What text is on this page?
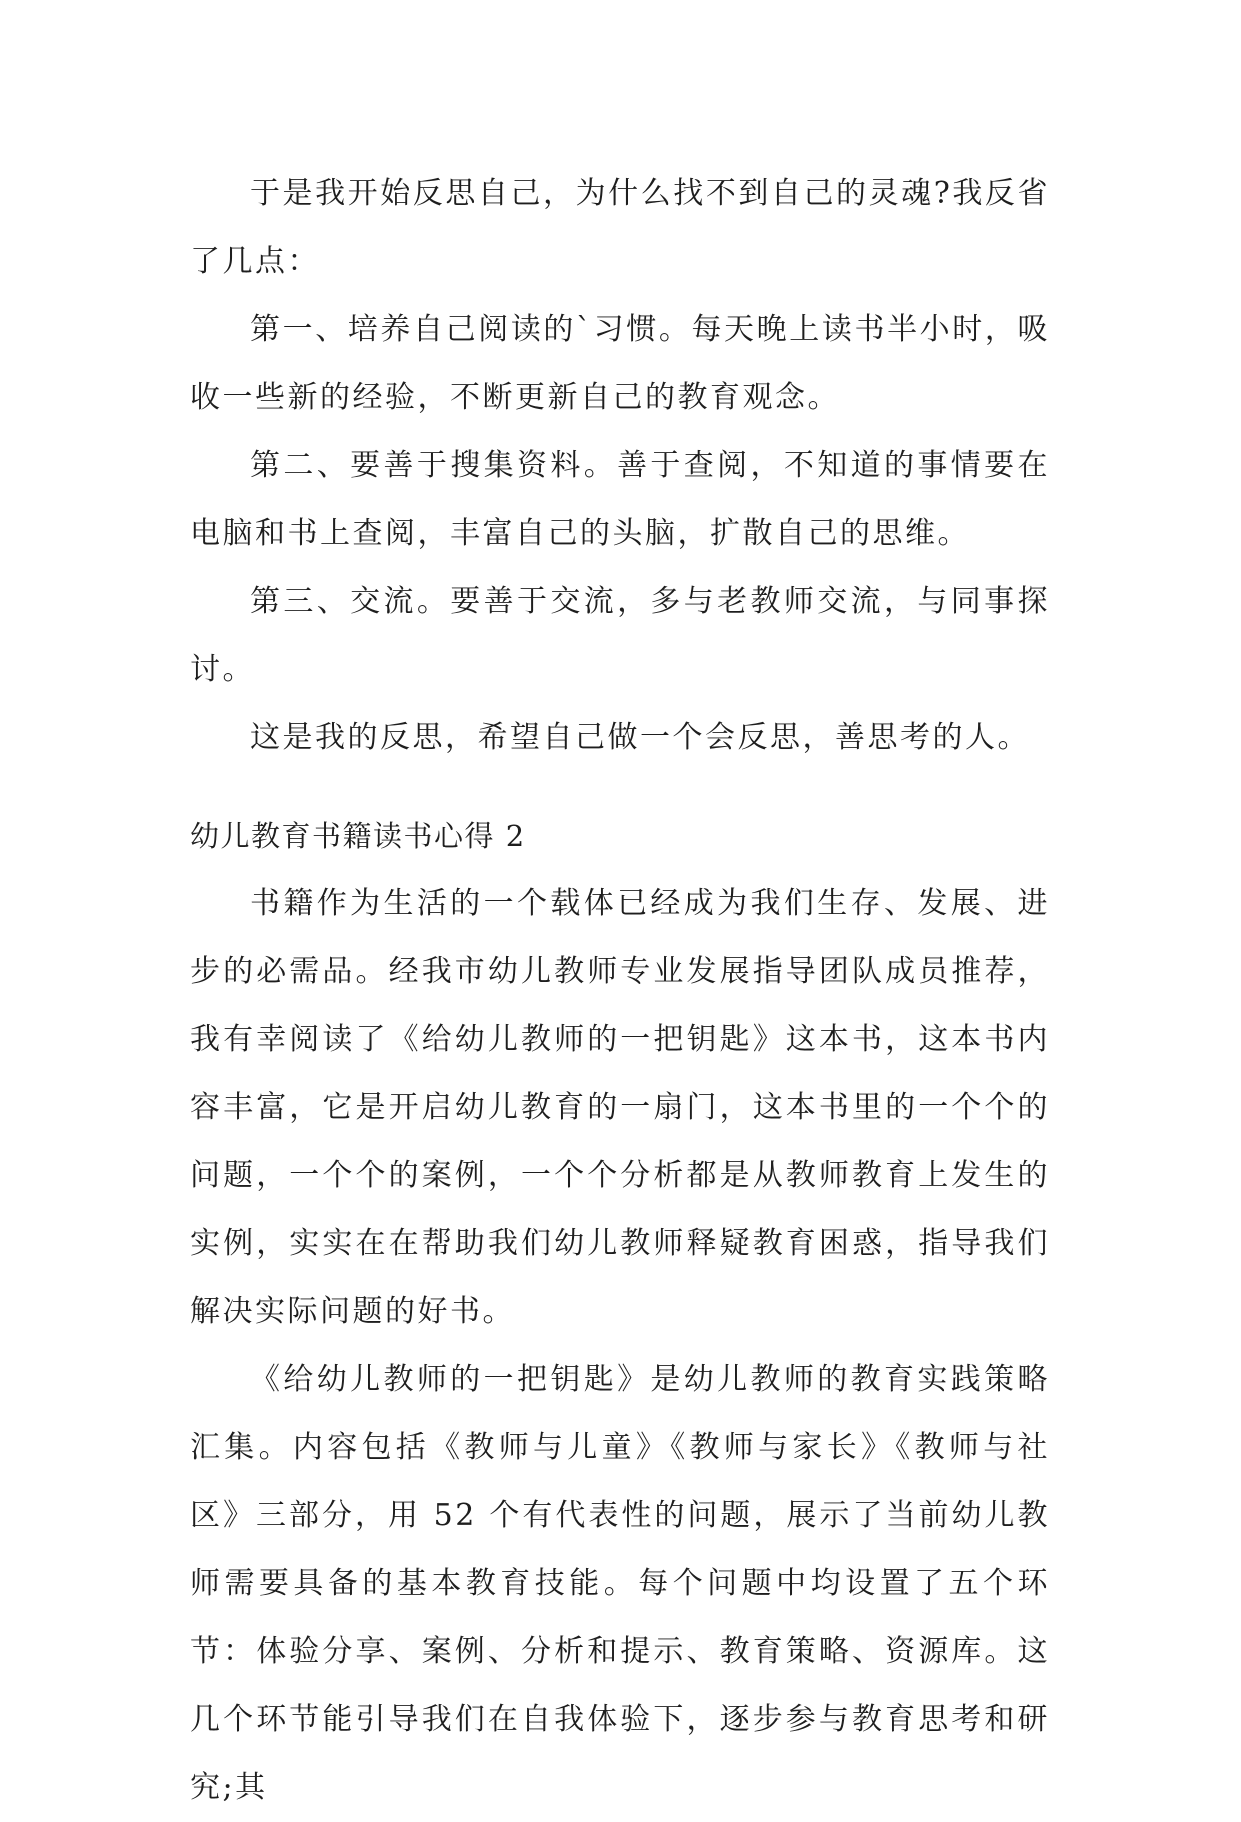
于是我开始反思自己，为什么找不到自己的灵魂?我反省了几点：

第一、培养自己阅读的`习惯。每天晚上读书半小时，吸收一些新的经验，不断更新自己的教育观念。

第二、要善于搜集资料。善于查阅，不知道的事情要在电脑和书上查阅，丰富自己的头脑，扩散自己的思维。

第三、交流。要善于交流，多与老教师交流，与同事探讨。

这是我的反思，希望自己做一个会反思，善思考的人。

幼儿教育书籍读书心得 2

书籍作为生活的一个载体已经成为我们生存、发展、进步的必需品。经我市幼儿教师专业发展指导团队成员推荐，我有幸阅读了《给幼儿教师的一把钥匙》这本书，这本书内容丰富，它是开启幼儿教育的一扇门，这本书里的一个个的问题，一个个的案例，一个个分析都是从教师教育上发生的实例，实实在在帮助我们幼儿教师释疑教育困惑，指导我们解决实际问题的好书。

《给幼儿教师的一把钥匙》是幼儿教师的教育实践策略汇集。内容包括《教师与儿童》《教师与家长》《教师与社区》三部分，用 52 个有代表性的问题，展示了当前幼儿教师需要具备的基本教育技能。每个问题中均设置了五个环节：体验分享、案例、分析和提示、教育策略、资源库。这几个环节能引导我们在自我体验下，逐步参与教育思考和研究;其
